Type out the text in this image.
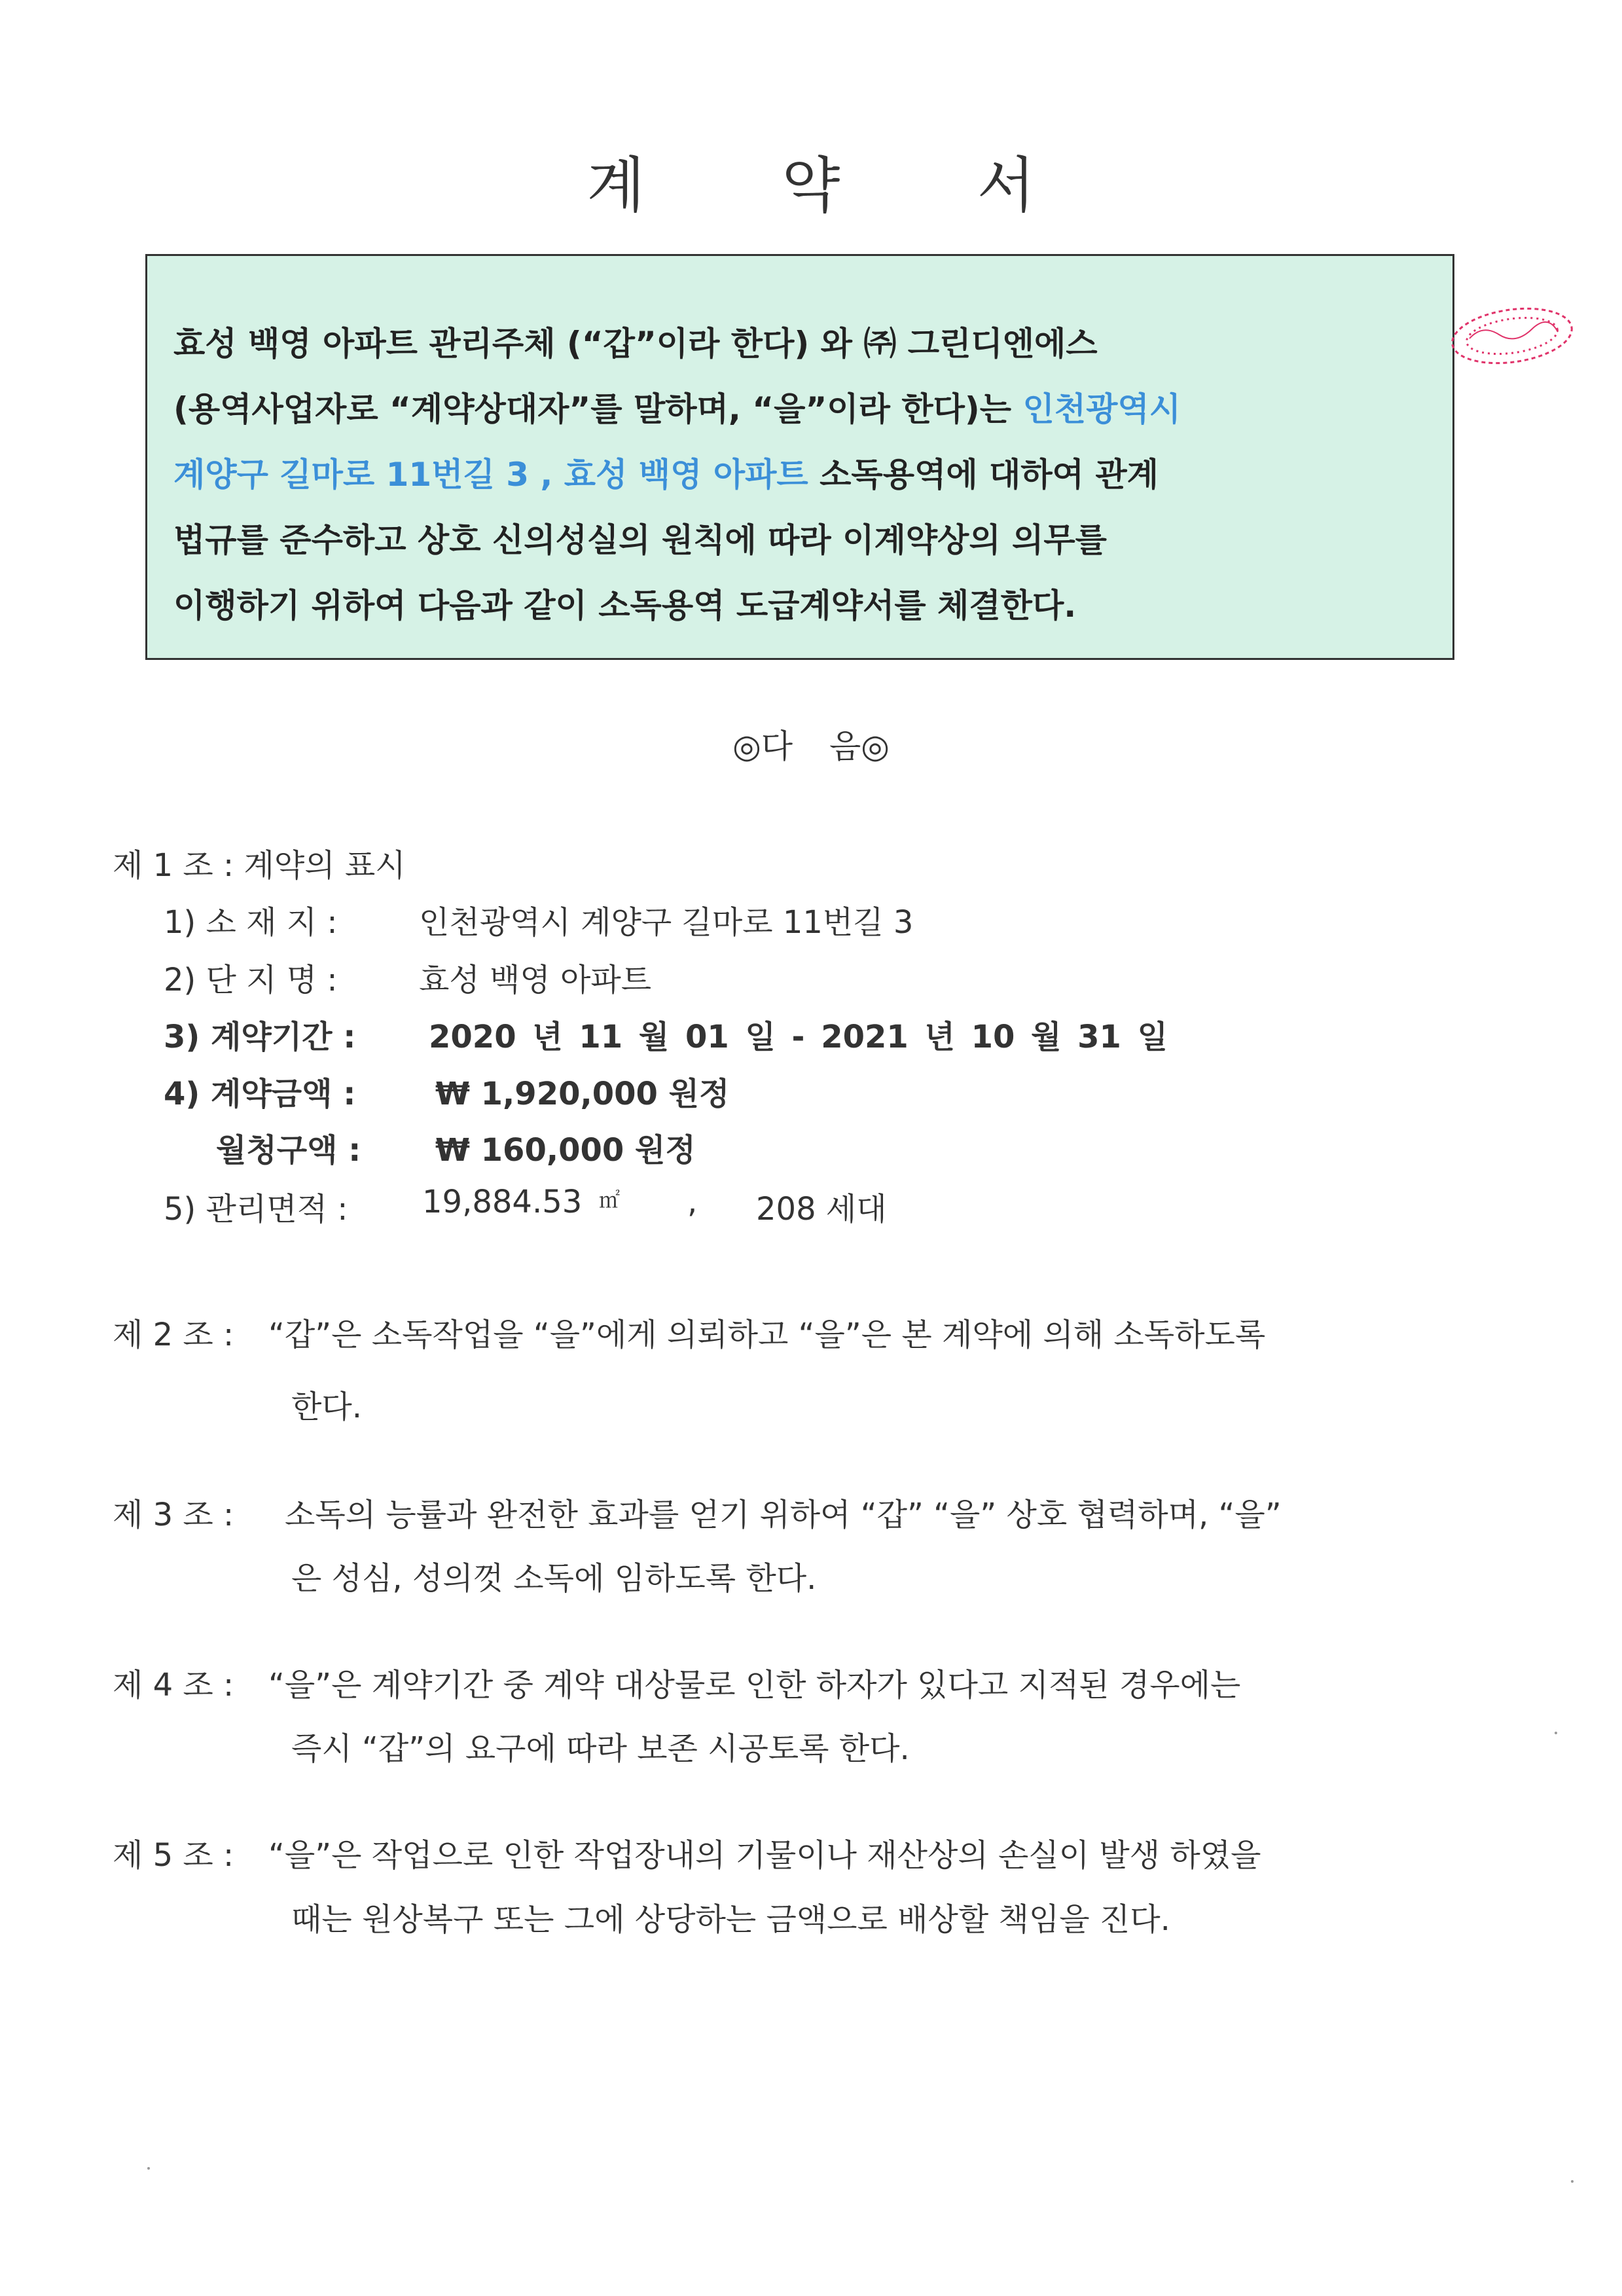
계 약 서
효성 백영 아파트 관리주체 (“갑”이라 한다) 와 ㈜ 그린디엔에스
(용역사업자로 “계약상대자”를 말하며, “을”이라 한다)는 인천광역시
계양구 길마로 11번길 3 , 효성 백영 아파트 소독용역에 대하여 관계
법규를 준수하고 상호 신의성실의 원칙에 따라 이계약상의 의무를
이행하기 위하여 다음과 같이 소독용역 도급계약서를 체결한다.
◎다 음◎
제 1 조 : 계약의 표시
1) 소 재 지 :	인천광역시 계양구 길마로 11번길 3
2) 단 지 명 :	효성 백영 아파트
3) 계약기간 : 2020 년 11 월 01 일 - 2021 년 10 월 31 일
4) 계약금액 :	₩ 1,920,000 원정
월청구액 : ₩ 160,000 원정
5) 관리면적 : 19,884.53 ㎡ , 208 세대
제 2 조 : “갑”은 소독작업을 “을”에게 의뢰하고 “을”은 본 계약에 의해 소독하도록
한다.
제 3 조 : 소독의 능률과 완전한 효과를 얻기 위하여 “갑” “을” 상호 협력하며, “을”
은 성심, 성의껏 소독에 임하도록 한다.
제 4 조 : “을”은 계약기간 중 계약 대상물로 인한 하자가 있다고 지적된 경우에는
즉시 “갑”의 요구에 따라 보존 시공토록 한다.
제 5 조 : “을”은 작업으로 인한 작업장내의 기물이나 재산상의 손실이 발생 하였을
때는 원상복구 또는 그에 상당하는 금액으로 배상할 책임을 진다.
